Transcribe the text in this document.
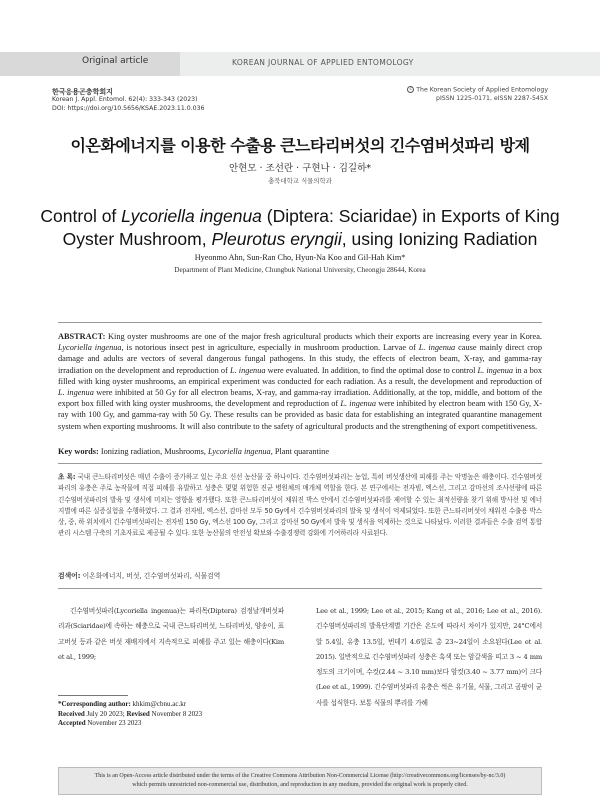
Original article	KOREAN JOURNAL OF APPLIED ENTOMOLOGY
한국응용곤충학회지
Korean J. Appl. Entomol. 62(4): 333-343 (2023)
DOI: https://doi.org/10.5656/KSAE.2023.11.0.036
c The Korean Society of Applied Entomology
pISSN 1225-0171, eISSN 2287-545X
이온화에너지를 이용한 수출용 큰느타리버섯의 긴수염버섯파리 방제
안현모 · 조선란 · 구현나 · 김길하*
충북대학교 식물의학과
Control of Lycoriella ingenua (Diptera: Sciaridae) in Exports of King Oyster Mushroom, Pleurotus eryngii, using Ionizing Radiation
Hyeonmo Ahn, Sun-Ran Cho, Hyun-Na Koo and Gil-Hah Kim*
Department of Plant Medicine, Chungbuk National University, Cheongju 28644, Korea
ABSTRACT: King oyster mushrooms are one of the major fresh agricultural products which their exports are increasing every year in Korea. Lycoriella ingenua, is notorious insect pest in agriculture, especially in mushroom production. Larvae of L. ingenua cause mainly direct crop damage and adults are vectors of several dangerous fungal pathogens. In this study, the effects of electron beam, X-ray, and gamma-ray irradiation on the development and reproduction of L. ingenua were evaluated. In addition, to find the optimal dose to control L. ingenua in a box filled with king oyster mushrooms, an empirical experiment was conducted for each radiation. As a result, the development and reproduction of L. ingenua were inhibited at 50 Gy for all electron beams, X-ray, and gamma-ray irradiation. Additionally, at the top, middle, and bottom of the export box filled with king oyster mushrooms, the development and reproduction of L. ingenua were inhibited by electron beam with 150 Gy, X-ray with 100 Gy, and gamma-ray with 50 Gy. These results can be provided as basic data for establishing an integrated quarantine management system when exporting mushrooms. It will also contribute to the safety of agricultural products and the strengthening of export competitiveness.
Key words: Ionizing radiation, Mushrooms, Lycoriella ingenua, Plant quarantine
초 록: 국내 큰느타리버섯은 매년 수출이 증가하고 있는 주요 신선 농산물 중 하나이다. 긴수염버섯파리는 농업, 특히 버섯생산에 피해를 주는 악명높은 해충이다. 긴수염버섯파리의 유충은 주로 농작물에 직접 피해를 유발하고 성충은 몇몇 위험한 진균 병원체의 매개체 역할을 한다. 본 연구에서는 전자빔, 엑스선, 그리고 감마선의 조사선량에 따른 긴수염버섯파리의 발육 및 생식에 미치는 영향을 평가했다. 또한 큰느타리버섯이 채워진 박스 안에서 긴수염버섯파리를 제어할 수 있는 최적선량을 찾기 위해 방사선 및 에너지별에 따른 실증실험을 수행하였다. 그 결과 전자빔, 엑스선, 감마선 모두 50 Gy에서 긴수염버섯파리의 발육 및 생식이 억제되었다. 또한 큰느타리버섯이 채워진 수출용 박스 상, 중, 하 위치에서 긴수염버섯파리는 전자빔 150 Gy, 엑스선 100 Gy, 그리고 감마선 50 Gy에서 발육 및 생식을 억제하는 것으로 나타났다. 이러한 결과들은 수출 검역 통합관리 시스템 구축의 기초자료로 제공될 수 있다. 또한 농산물의 안전성 확보와 수출경쟁력 강화에 기여하리라 사료된다.
검색어: 이온화에너지, 버섯, 긴수염버섯파리, 식물검역
긴수염버섯파리(Lycoriella ingenua)는 파리목(Diptera) 검정날개버섯파리과(Sciaridae)에 속하는 해충으로 국내 큰느타리버섯, 느타리버섯, 양송이, 표고버섯 등과 같은 버섯 재배지에서 지속적으로 피해를 주고 있는 해충이다(Kim et al., 1999;
Lee et al., 1999; Lee et al., 2015; Kang et al., 2016; Lee et al., 2016). 긴수염버섯파리의 발육단계별 기간은 온도에 따라서 차이가 있지만, 24°C에서 알 5.4일, 유충 13.5일, 번데기 4.6일로 총 23~24일이 소요된다(Lee et al. 2015). 일반적으로 긴수염버섯파리 성충은 흑색 또는 암갈색을 띠고 3 ~ 4 mm 정도의 크기이며, 수컷(2.44 ~ 3.10 mm)보다 암컷(3.40 ~ 3.77 mm)이 크다(Lee et al., 1999). 긴수염버섯파리 유충은 썩은 유기물, 식물, 그리고 곰팡이 균사를 섭식한다. 보통 식물의 뿌리를 가해
*Corresponding author: khkim@cbnu.ac.kr
Received July 20 2023; Revised November 8 2023
Accepted November 23 2023
This is an Open-Access article distributed under the terms of the Creative Commons Attribution Non-Commercial License (http://creativecommons.org/licenses/by-nc/3.0)
which permits unrestricted non-commercial use, distribution, and reproduction in any medium, provided the original work is properly cited.
